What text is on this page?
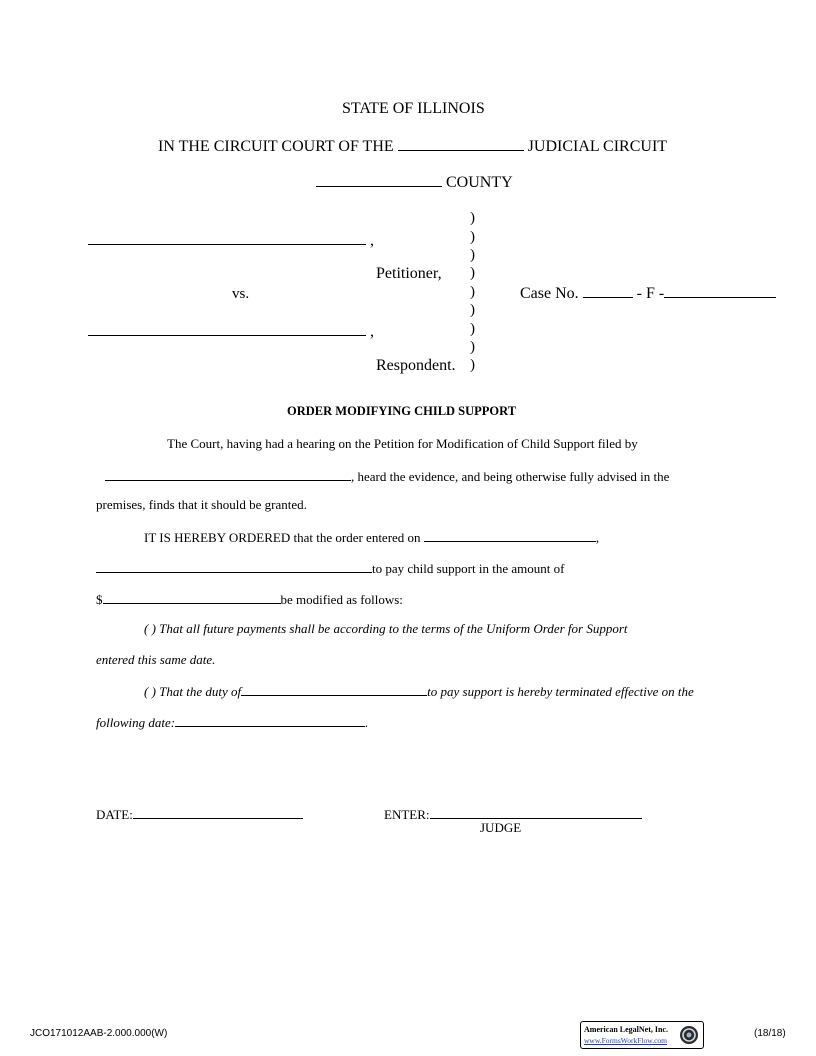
STATE OF ILLINOIS
IN THE CIRCUIT COURT OF THE	JUDICIAL CIRCUIT
COUNTY
,
Petitioner,
vs.
,
Respondent.
)
)
)
)
)
)
)
)
)
Case No.	- F -
ORDER MODIFYING CHILD SUPPORT
The Court, having had a hearing on the Petition for Modification of Child Support filed by
, heard the evidence, and being otherwise fully advised in the
premises, finds that it should be granted.
IT IS HEREBY ORDERED that the order entered on	,
to pay child support in the amount of
$	be modified as follows:
( ) That all future payments shall be according to the terms of the Uniform Order for Support
entered this same date.
( ) That the duty of	to pay support is hereby terminated effective on the
following date:	.
DATE:	ENTER:
JUDGE
JCO171012AAB-2.000.000(W)	American LegalNet, Inc.
www.FormsWorkFlow.com
(18/18)
